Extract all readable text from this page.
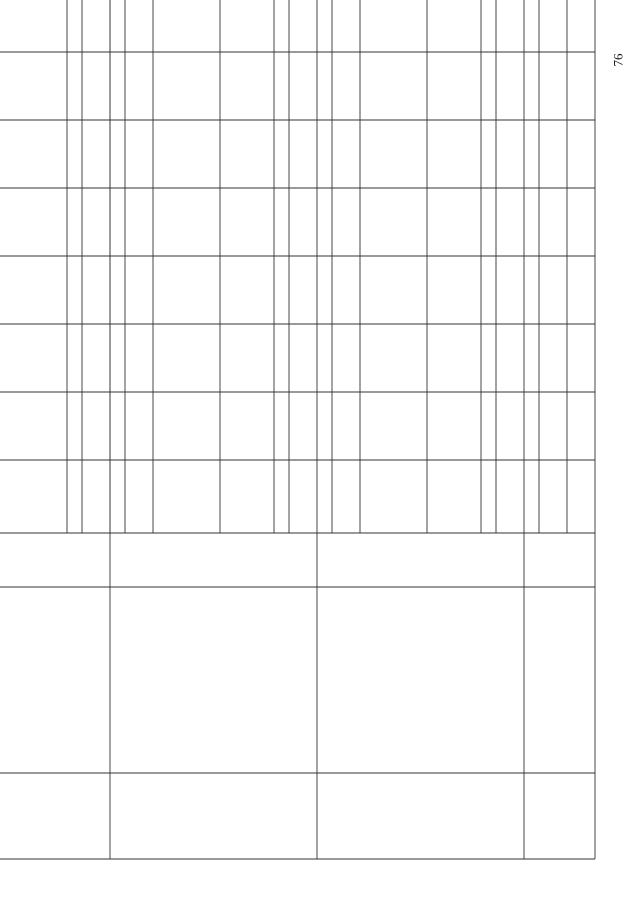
76
